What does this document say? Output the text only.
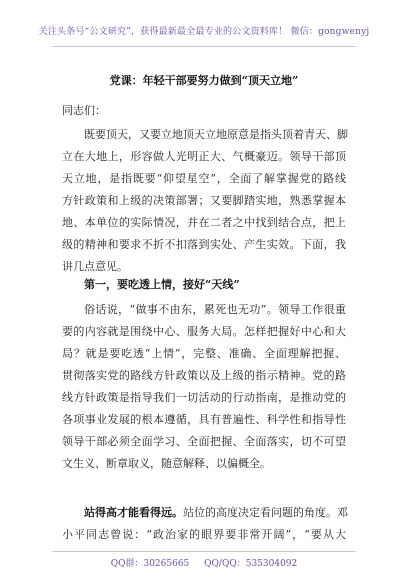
关注头条号“公文研究”，获得最新最全最专业的公文资料库！ 微信：gongwenyj
党课：年轻干部要努力做到“顶天立地”
同志们：

既要顶天，又要立地顶天立地原意是指头顶着青天、脚
立在大地上，形容做人光明正大、气概豪迈。领导干部顶
天立地，是指既要“仰望星空”，全面了解掌握党的路线
方针政策和上级的决策部署；又要脚踏实地，熟悉掌握本
地、本单位的实际情况，并在二者之中找到结合点，把上
级的精神和要求不折不扣落到实处、产生实效。下面，我
讲几点意见。

第一，要吃透上情，接好“天线”

俗话说，“做事不由东，累死也无功”。领导工作很重
要的内容就是围绕中心、服务大局。怎样把握好中心和大
局？就是要吃透“上情”，完整、准确、全面理解把握、
贯彻落实党的路线方针政策以及上级的指示精神。党的路
线方针政策是指导我们一切活动的行动指南，是推动党的
各项事业发展的根本遵循，具有普遍性、科学性和指导性
领导干部必须全面学习、全面把握、全面落实，切不可望
文生义、断章取义，随意解释、以偏概全。

站得高才能看得远。站位的高度决定看问题的角度。邓
小平同志曾说：“政治家的眼界要非常开阔”，“要从大

QQ群：30265665 QQ/QQ：535304092
